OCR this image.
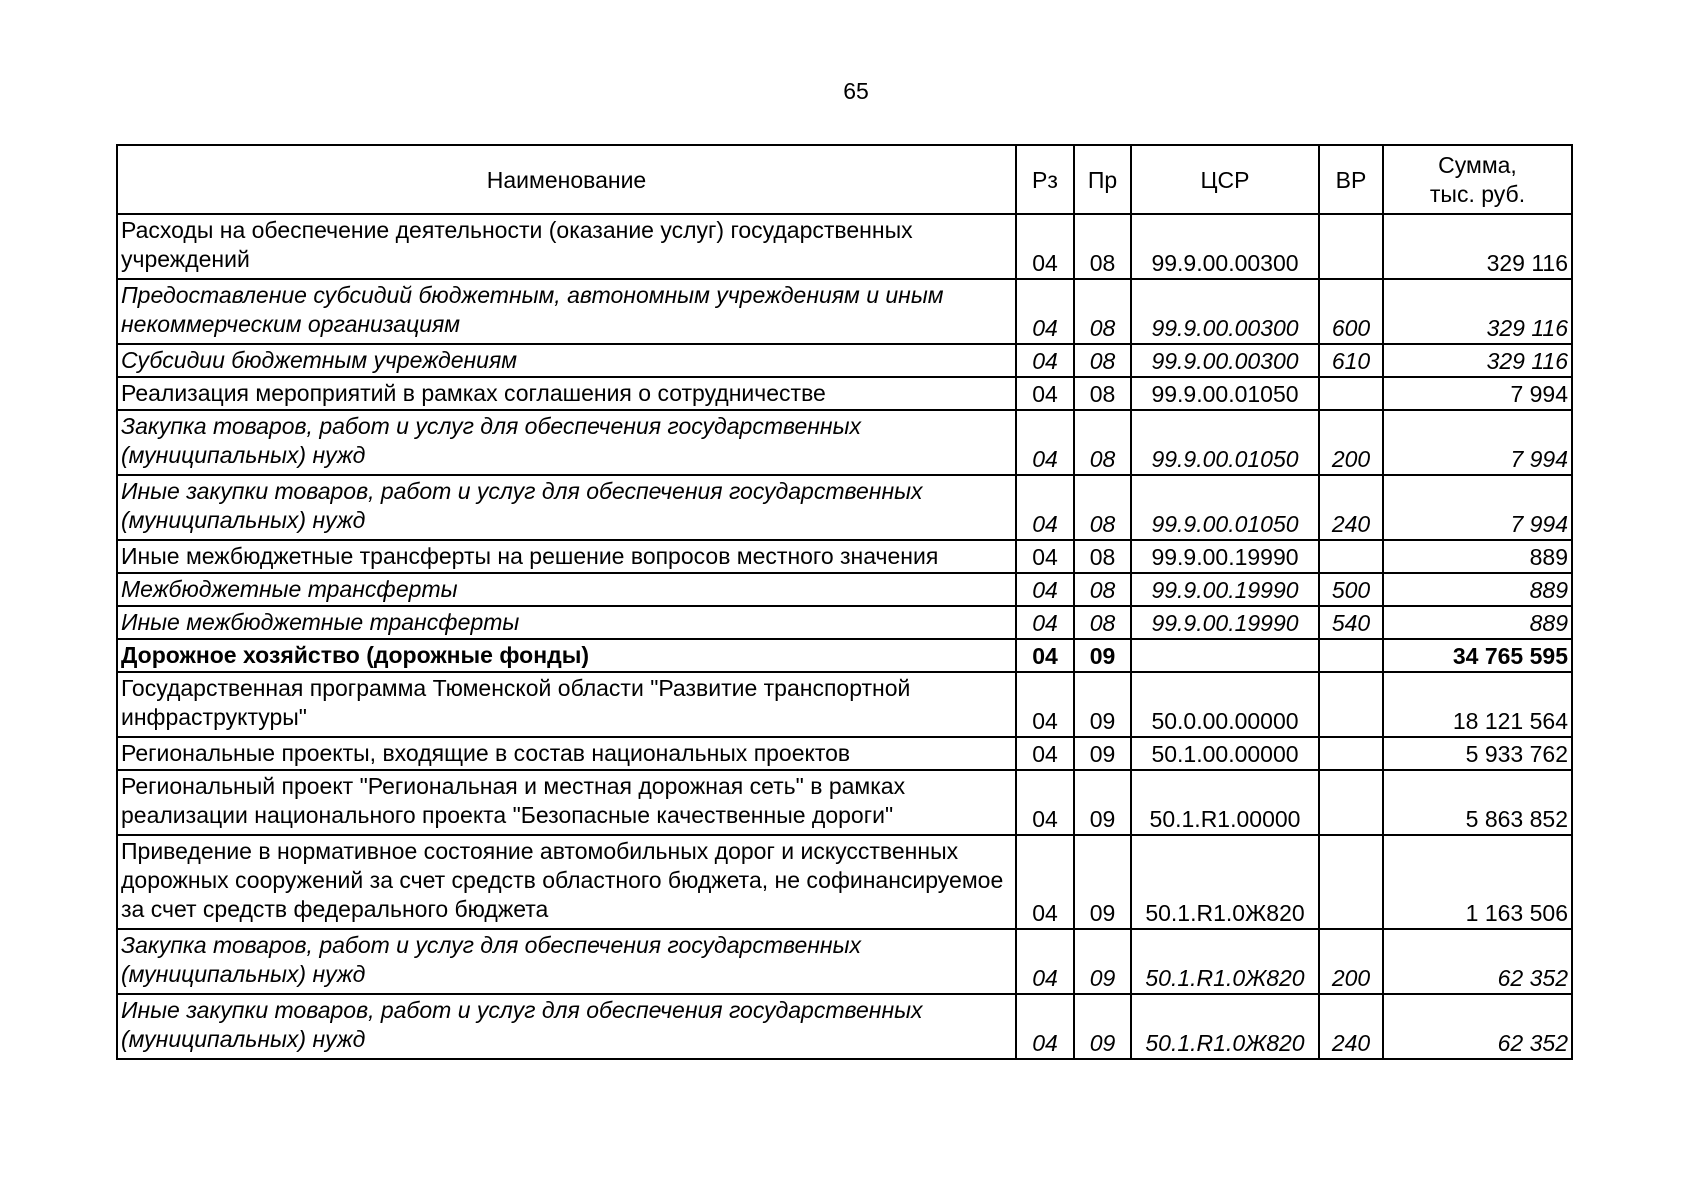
65
Наименование	Рз	Пр	ЦСР	ВР	Сумма,
тыс. руб.
Расходы на обеспечение деятельности (оказание услуг) государственных учреждений	04	08	99.9.00.00300		329 116
Предоставление субсидий бюджетным, автономным учреждениям и иным некоммерческим организациям	04	08	99.9.00.00300	600	329 116
Субсидии бюджетным учреждениям	04	08	99.9.00.00300	610	329 116
Реализация мероприятий в рамках соглашения о сотрудничестве	04	08	99.9.00.01050		7 994
Закупка товаров, работ и услуг для обеспечения государственных (муниципальных) нужд	04	08	99.9.00.01050	200	7 994
Иные закупки товаров, работ и услуг для обеспечения государственных (муниципальных) нужд	04	08	99.9.00.01050	240	7 994
Иные межбюджетные трансферты на решение вопросов местного значения	04	08	99.9.00.19990		889
Межбюджетные трансферты	04	08	99.9.00.19990	500	889
Иные межбюджетные трансферты	04	08	99.9.00.19990	540	889
Дорожное хозяйство (дорожные фонды)	04	09			34 765 595
Государственная программа Тюменской области "Развитие транспортной инфраструктуры"	04	09	50.0.00.00000		18 121 564
Региональные проекты, входящие в состав национальных проектов	04	09	50.1.00.00000		5 933 762
Региональный проект "Региональная и местная дорожная сеть" в рамках реализации национального проекта "Безопасные качественные дороги"	04	09	50.1.R1.00000		5 863 852
Приведение в нормативное состояние автомобильных дорог и искусственных дорожных сооружений за счет средств областного бюджета, не софинансируемое за счет средств федерального бюджета	04	09	50.1.R1.0Ж820		1 163 506
Закупка товаров, работ и услуг для обеспечения государственных (муниципальных) нужд	04	09	50.1.R1.0Ж820	200	62 352
Иные закупки товаров, работ и услуг для обеспечения государственных (муниципальных) нужд	04	09	50.1.R1.0Ж820	240	62 352
